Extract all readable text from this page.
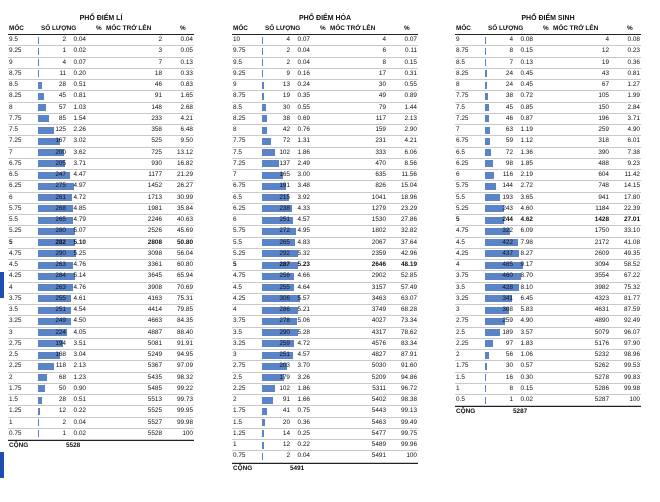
PHỔ ĐIỂM LÍ
MỐC	SỐ LƯỢNG	% MỐC TRỞ LÊN	%
9.5	2 0.04	2	0.04
9.25	1 0.02	3	0.05
9	4 0.07	7	0.13
8.75	11 0.20	18	0.33
8.5	28 0.51	46	0.83
8.25	45 0.81	91	1.65
8	57 1.03	148	2.68
7.75	85 1.54	233	4.21
7.5	125 2.26	358	6.48
7.25	167 3.02	525	9.50
7	200 3.62	725 13.12
6.75	205 3.71	930 16.82
6.5	247 4.47	1177 21.29
6.25	275 4.97	1452 26.27
6	261 4.72	1713 30.99
5.75	268 4.85	1981 35.84
5.5	265 4.79	2246 40.63
5.25	280 5.07	2526 45.69
5	282 5.10	2808 50.80
4.75	290 5.25	3098 56.04
4.5	263 4.76	3361 60.80
4.25	284 5.14	3645 65.94
4	263 4.76	3908 70.69
3.75	255 4.61	4163 75.31
3.5	251 4.54	4414 79.85
3.25	249 4.50	4663 84.35
3	224 4.05	4887 88.40
2.75	194 3.51	5081 91.91
2.5	168 3.04	5249 94.95
2.25	118 2.13	5367 97.09
2	68 1.23	5435 98.32
1.75	50 0.90	5485 99.22
1.5	28 0.51	5513 99.73
1.25	12 0.22	5525 99.95
1	2 0.04	5527 99.98
0.75	1 0.02	5528	100
CỘNG	5528
PHỔ ĐIỂM HÓA
MỐC	SỐ LƯỢNG	% MỐC TRỞ LÊN	%
10	4 0.07	4	0.07
9.75	2 0.04	6	0.11
9.5	2 0.04	8	0.15
9.25	9 0.16	17	0.31
9	13 0.24	30	0.55
8.75	19 0.35	49	0.89
8.5	30 0.55	79	1.44
8.25	38 0.69	117	2.13
8	42 0.76	159	2.90
7.75	72 1.31	231	4.21
7.5	102 1.86	333	6.06
7.25	137 2.49	470	8.56
7	165 3.00	635 11.56
6.75	191 3.48	826 15.04
6.5	215 3.92	1041 18.96
6.25	238 4.33	1279 23.29
6	251 4.57	1530 27.86
5.75	272 4.95	1802 32.82
5.5	265 4.83	2067 37.64
5.25	292 5.32	2359 42.96
5	287 5.23	2646 48.19
4.75	256 4.66	2902 52.85
4.5	255 4.64	3157 57.49
4.25	306 5.57	3463 63.07
4	286 5.21	3749 68.28
3.75	278 5.06	4027 73.34
3.5	290 5.28	4317 78.62
3.25	259 4.72	4576 83.34
3	251 4.57	4827 87.91
2.75	203 3.70	5030 91.60
2.5	179 3.26	5209 94.86
2.25	102 1.86	5311 96.72
2	91 1.66	5402 98.38
1.75	41 0.75	5443 99.13
1.5	20 0.36	5463 99.49
1.25	14 0.25	5477 99.75
1	12 0.22	5489 99.96
0.75	2 0.04	5491	100
CỘNG	5491
PHỔ ĐIỂM SINH
MỐC	SỐ LƯỢNG	% MỐC TRỞ LÊN	%
9	4 0.08	4	0.08
8.75	8 0.15	12	0.23
8.5	7 0.13	19	0.36
8.25	24 0.45	43	0.81
8	24 0.45	67	1.27
7.75	38 0.72	105	1.99
7.5	45 0.85	150	2.84
7.25	46 0.87	196	3.71
7	63 1.19	259	4.90
6.75	59 1.12	318	6.01
6.5	72 1.36	390	7.38
6.25	98 1.85	488	9.23
6	116 2.19	604 11.42
5.75	144 2.72	748 14.15
5.5	193 3.65	941 17.80
5.25	243 4.60	1184 22.39
5	244 4.62	1428 27.01
4.75	322 6.09	1750 33.10
4.5	422 7.98	2172 41.08
4.25	437 8.27	2609 49.35
4	485 9.17	3094 58.52
3.75	460 8.70	3554 67.22
3.5	428 8.10	3982 75.32
3.25	341 6.45	4323 81.77
3	308 5.83	4631 87.59
2.75	259 4.90	4890 92.49
2.5	189 3.57	5079 96.07
2.25	97 1.83	5176 97.90
2	56 1.06	5232 98.96
1.75	30 0.57	5262 99.53
1.5	16 0.30	5278 99.83
1	8 0.15	5286 99.98
0.5	1 0.02	5287	100
CỘNG	5287
